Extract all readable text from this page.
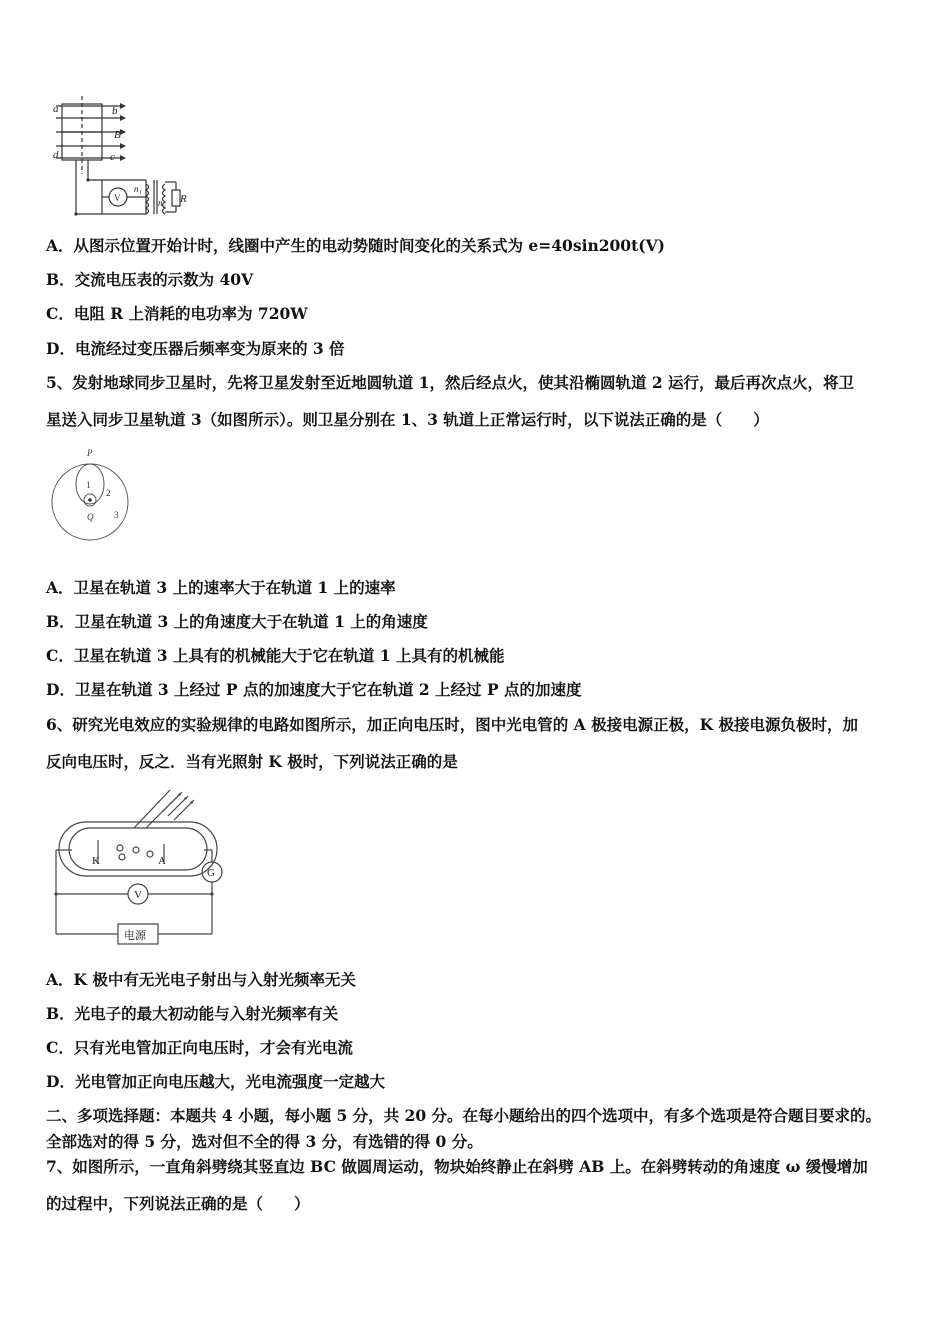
a	b
B
d	c
R
V
n₁
n₂
A．从图示位置开始计时，线圈中产生的电动势随时间变化的关系式为 e=40sin200t(V)
B．交流电压表的示数为 40V
C．电阻 R 上消耗的电功率为 720W
D．电流经过变压器后频率变为原来的 3 倍
5、发射地球同步卫星时，先将卫星发射至近地圆轨道 1，然后经点火，使其沿椭圆轨道 2 运行，最后再次点火，将卫
星送入同步卫星轨道 3（如图所示）。则卫星分别在 1、3 轨道上正常运行时，以下说法正确的是（　　）
P
Q
1
2
3
A．卫星在轨道 3 上的速率大于在轨道 1 上的速率
B．卫星在轨道 3 上的角速度大于在轨道 1 上的角速度
C．卫星在轨道 3 上具有的机械能大于它在轨道 1 上具有的机械能
D．卫星在轨道 3 上经过 P 点的加速度大于它在轨道 2 上经过 P 点的加速度
6、研究光电效应的实验规律的电路如图所示，加正向电压时，图中光电管的 A 极接电源正极，K 极接电源负极时，加
反向电压时，反之．当有光照射 K 极时，下列说法正确的是
K	A
G
V
电源
A．K 极中有无光电子射出与入射光频率无关
B．光电子的最大初动能与入射光频率有关
C．只有光电管加正向电压时，才会有光电流
D．光电管加正向电压越大，光电流强度一定越大
二、多项选择题：本题共 4 小题，每小题 5 分，共 20 分。在每小题给出的四个选项中，有多个选项是符合题目要求的。
全部选对的得 5 分，选对但不全的得 3 分，有选错的得 0 分。
7、如图所示，一直角斜劈绕其竖直边 BC 做圆周运动，物块始终静止在斜劈 AB 上。在斜劈转动的角速度 ω 缓慢增加
的过程中，下列说法正确的是（　　）
